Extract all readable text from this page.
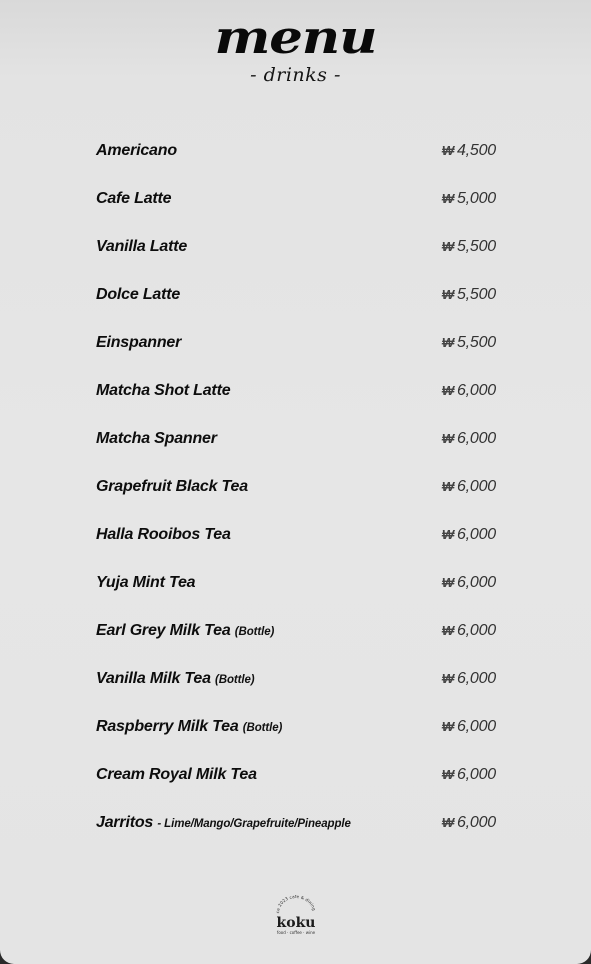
menu
- drinks -
Americano	₩ 4,500
Cafe Latte	₩ 5,000
Vanilla Latte	₩ 5,500
Dolce Latte	₩ 5,500
Einspanner	₩ 5,500
Matcha Shot Latte	₩ 6,000
Matcha Spanner	₩ 6,000
Grapefruit Black Tea	₩ 6,000
Halla Rooibos Tea	₩ 6,000
Yuja Mint Tea	₩ 6,000
Earl Grey Milk Tea (Bottle)	₩ 6,000
Vanilla Milk Tea (Bottle)	₩ 6,000
Raspberry Milk Tea (Bottle)	₩ 6,000
Cream Royal Milk Tea	₩ 6,000
Jarritos - Lime/Mango/Grapefruite/Pineapple	₩ 6,000
ce 2023 cafe & dining
koku
food · coffee · wine
